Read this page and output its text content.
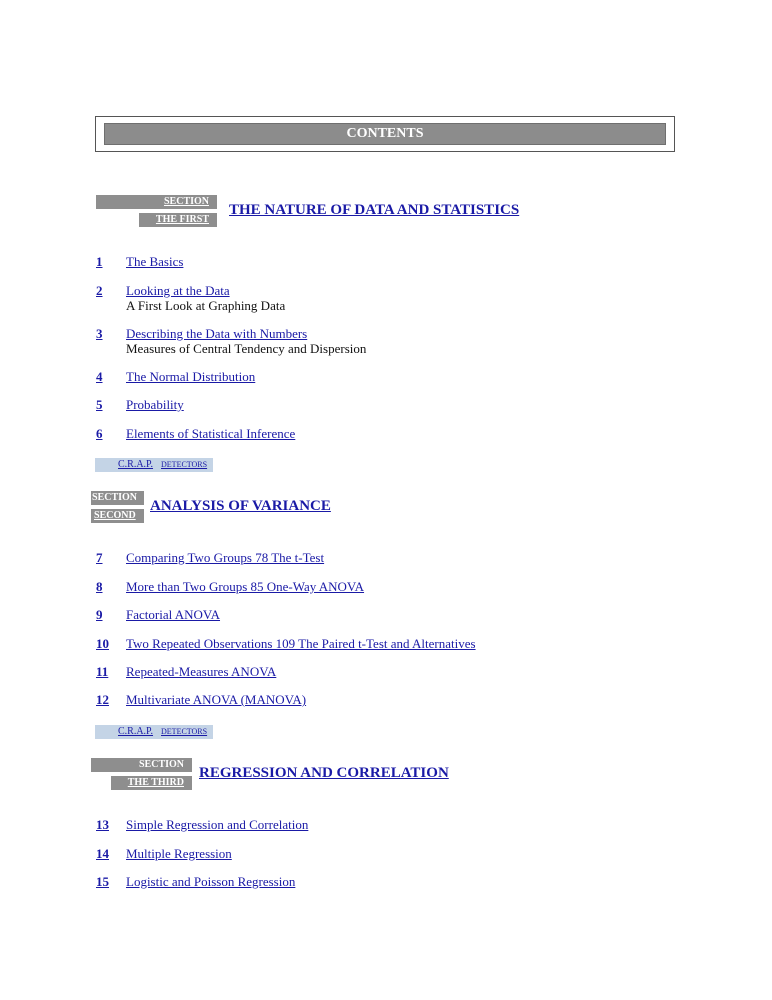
CONTENTS
SECTION
THE FIRST
THE NATURE OF DATA AND STATISTICS
1 The Basics
2 Looking at the Data
A First Look at Graphing Data
3 Describing the Data with Numbers
Measures of Central Tendency and Dispersion
4 The Normal Distribution
5 Probability
6 Elements of Statistical Inference
C.R.A.P. DETECTORS
SECTION
SECOND
ANALYSIS OF VARIANCE
7 Comparing Two Groups 78 The t-Test
8 More than Two Groups 85 One-Way ANOVA
9 Factorial ANOVA
10 Two Repeated Observations 109 The Paired t-Test and Alternatives
11 Repeated-Measures ANOVA
12 Multivariate ANOVA (MANOVA)
C.R.A.P. DETECTORS
SECTION
THE THIRD
REGRESSION AND CORRELATION
13 Simple Regression and Correlation
14 Multiple Regression
15 Logistic and Poisson Regression
